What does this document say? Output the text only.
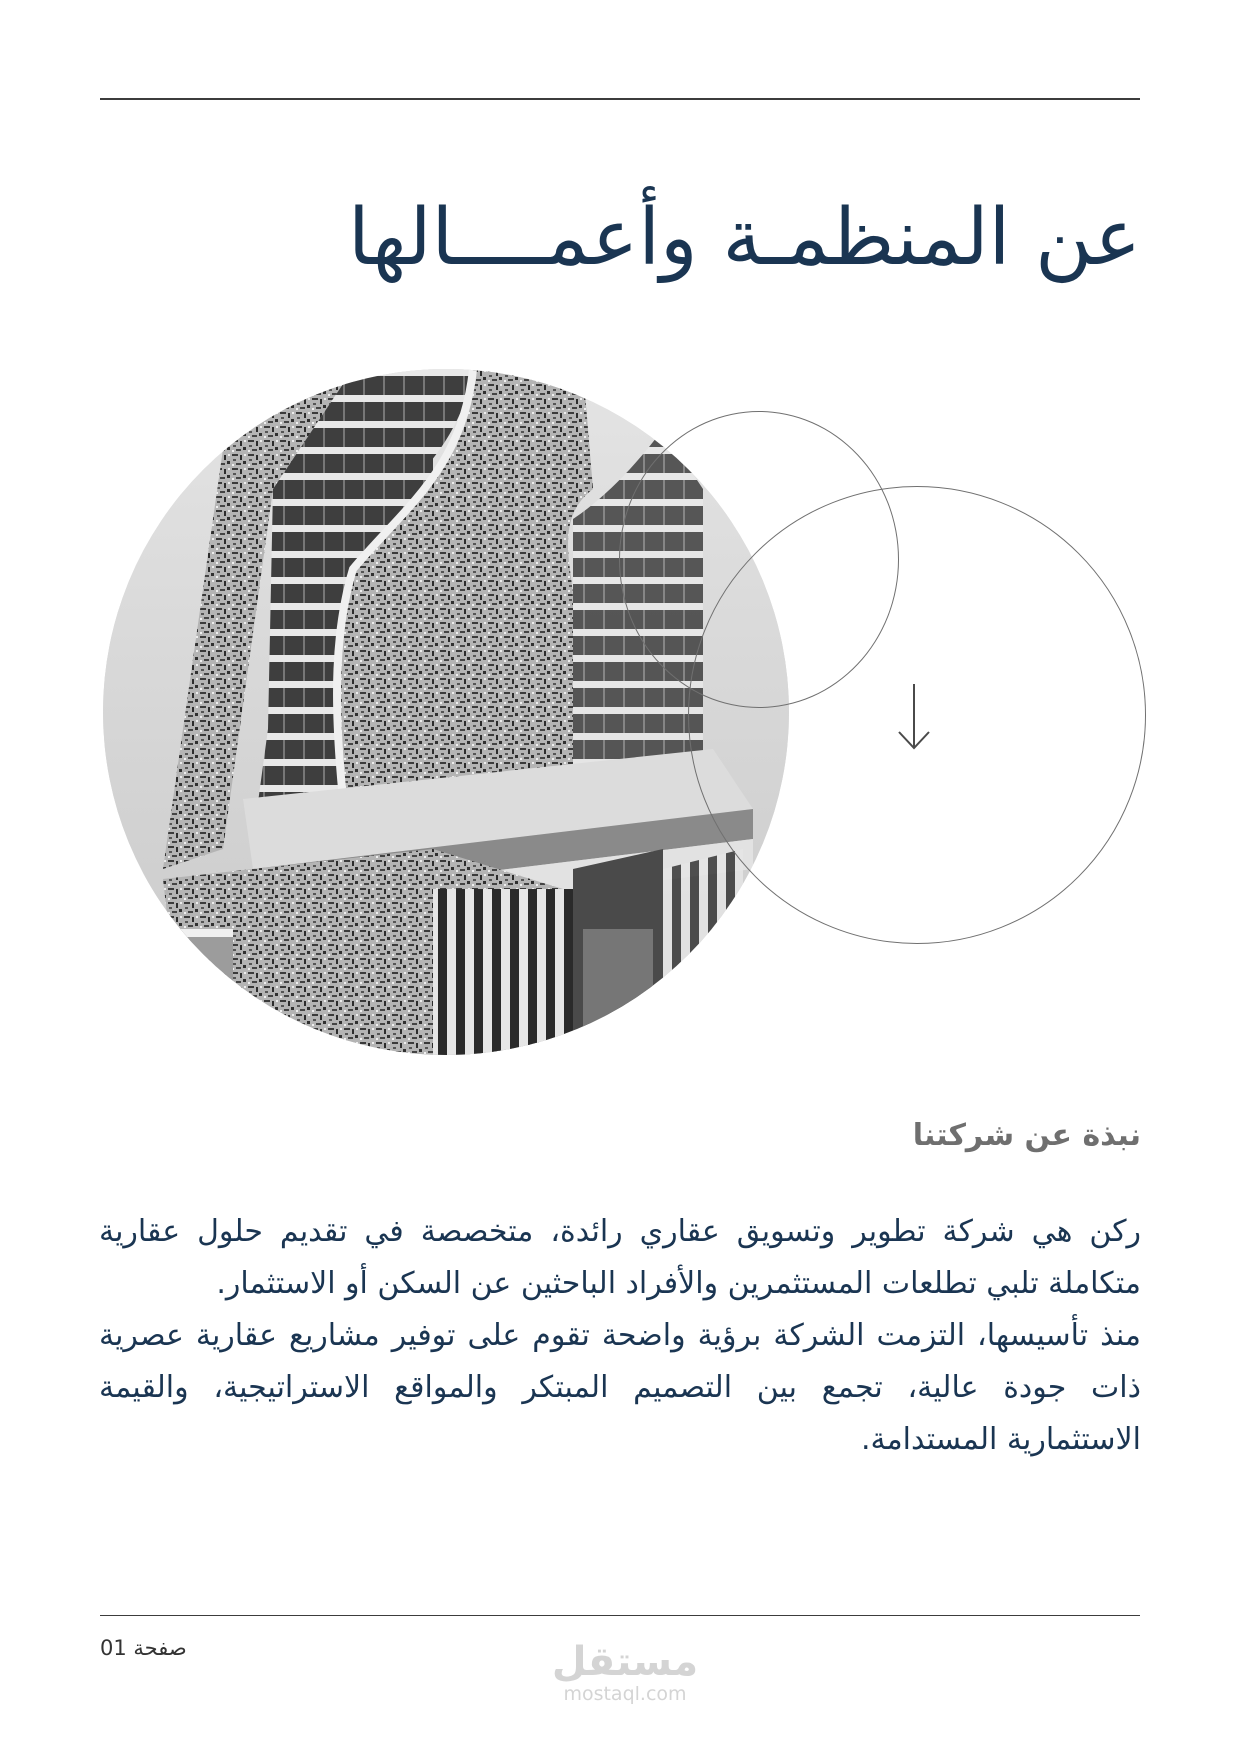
عن المنظمـة وأعمــــالها
نبذة عن شركتنا

ركن هي شركة تطوير وتسويق عقاري رائدة، متخصصة في تقديم حلول عقارية متكاملة تلبي تطلعات المستثمرين والأفراد الباحثين عن السكن أو الاستثمار.

منذ تأسيسها، التزمت الشركة برؤية واضحة تقوم على توفير مشاريع عقارية عصرية ذات جودة عالية، تجمع بين التصميم المبتكر والمواقع الاستراتيجية، والقيمة الاستثمارية المستدامة.

صفحة 01	مستقل
mostaql.com
